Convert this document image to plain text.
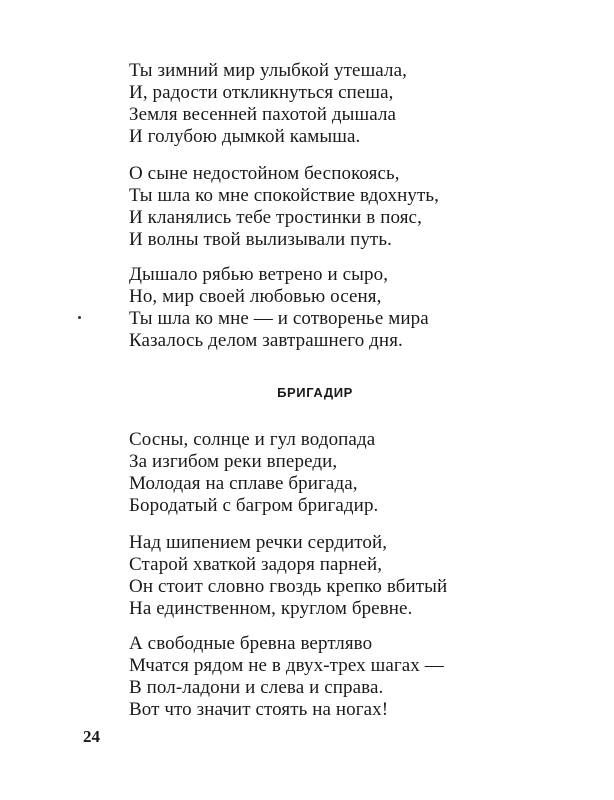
Ты зимний мир улыбкой утешала,
И, радости откликнуться спеша,
Земля весенней пахотой дышала
И голубою дымкой камыша.
О сыне недостойном беспокоясь,
Ты шла ко мне спокойствие вдохнуть,
И кланялись тебе тростинки в пояс,
И волны твой вылизывали путь.
Дышало рябью ветрено и сыро,
Но, мир своей любовью осеня,
Ты шла ко мне — и сотворенье мира
Казалось делом завтрашнего дня.
БРИГАДИР
Сосны, солнце и гул водопада
За изгибом реки впереди,
Молодая на сплаве бригада,
Бородатый с багром бригадир.
Над шипением речки сердитой,
Старой хваткой задоря парней,
Он стоит словно гвоздь крепко вбитый
На единственном, круглом бревне.
А свободные бревна вертляво
Мчатся рядом не в двух-трех шагах —
В пол-ладони и слева и справа.
Вот что значит стоять на ногах!
24
